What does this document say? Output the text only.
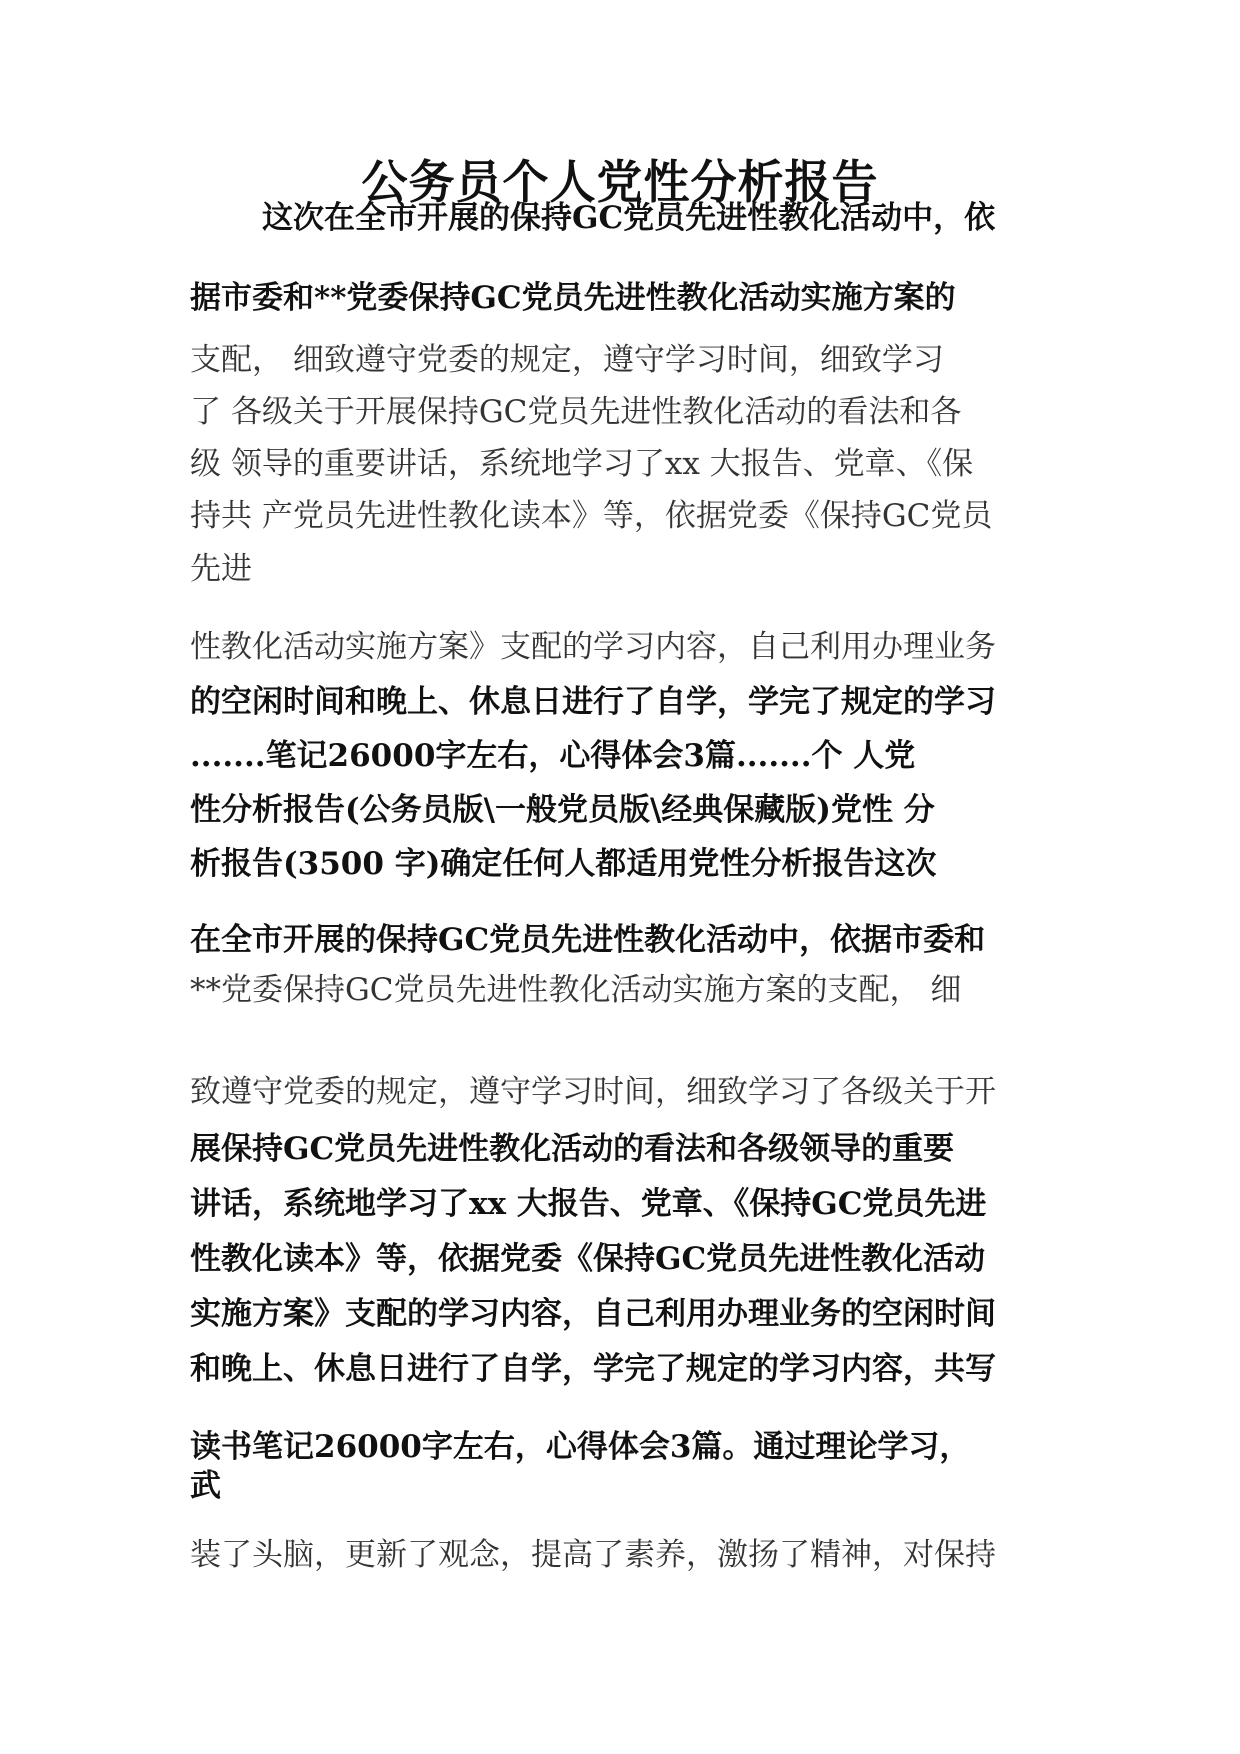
公务员个人党性分析报告
这次在全市开展的保持GC党员先进性教化活动中，依
据市委和**党委保持GC党员先进性教化活动实施方案的
支配， 细致遵守党委的规定，遵守学习时间，细致学习
了 各级关于开展保持GC党员先进性教化活动的看法和各
级 领导的重要讲话，系统地学习了xx 大报告、党章、《保
持共 产党员先进性教化读本》等，依据党委《保持GC党员
先进
性教化活动实施方案》支配的学习内容，自己利用办理业务
的空闲时间和晚上、休息日进行了自学，学完了规定的学习
.......笔记26000字左右，心得体会3篇.......个 人党
性分析报告(公务员版\一般党员版\经典保藏版)党性 分
析报告(3500 字)确定任何人都适用党性分析报告这次
在全市开展的保持GC党员先进性教化活动中，依据市委和
**党委保持GC党员先进性教化活动实施方案的支配， 细
致遵守党委的规定，遵守学习时间，细致学习了各级关于开
展保持GC党员先进性教化活动的看法和各级领导的重要
讲话，系统地学习了xx 大报告、党章、《保持GC党员先进
性教化读本》等，依据党委《保持GC党员先进性教化活动
实施方案》支配的学习内容，自己利用办理业务的空闲时间
和晚上、休息日进行了自学，学完了规定的学习内容，共写
读书笔记26000字左右，心得体会3篇。通过理论学习，
武
装了头脑，更新了观念，提高了素养，激扬了精神，对保持
